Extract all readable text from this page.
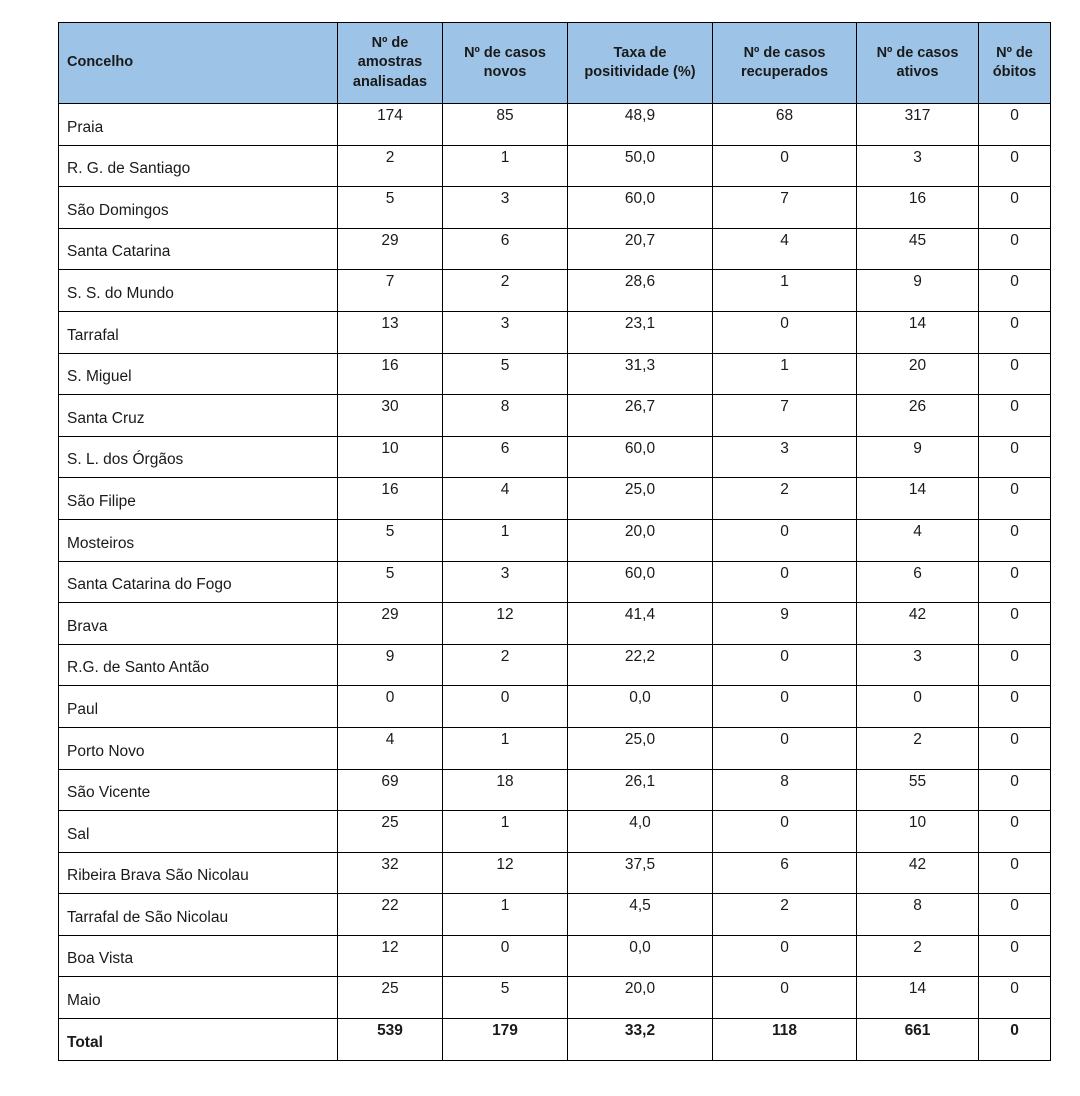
Concelho	Nº de amostras analisadas	Nº de casos novos	Taxa de positividade (%)	Nº de casos recuperados	Nº de casos ativos	Nº de óbitos
Praia	174	85	48,9	68	317	0
R. G. de Santiago	2	1	50,0	0	3	0
São Domingos	5	3	60,0	7	16	0
Santa Catarina	29	6	20,7	4	45	0
S. S. do Mundo	7	2	28,6	1	9	0
Tarrafal	13	3	23,1	0	14	0
S. Miguel	16	5	31,3	1	20	0
Santa Cruz	30	8	26,7	7	26	0
S. L. dos Órgãos	10	6	60,0	3	9	0
São Filipe	16	4	25,0	2	14	0
Mosteiros	5	1	20,0	0	4	0
Santa Catarina do Fogo	5	3	60,0	0	6	0
Brava	29	12	41,4	9	42	0
R.G. de Santo Antão	9	2	22,2	0	3	0
Paul	0	0	0,0	0	0	0
Porto Novo	4	1	25,0	0	2	0
São Vicente	69	18	26,1	8	55	0
Sal	25	1	4,0	0	10	0
Ribeira Brava São Nicolau	32	12	37,5	6	42	0
Tarrafal de São Nicolau	22	1	4,5	2	8	0
Boa Vista	12	0	0,0	0	2	0
Maio	25	5	20,0	0	14	0
Total	539	179	33,2	118	661	0
